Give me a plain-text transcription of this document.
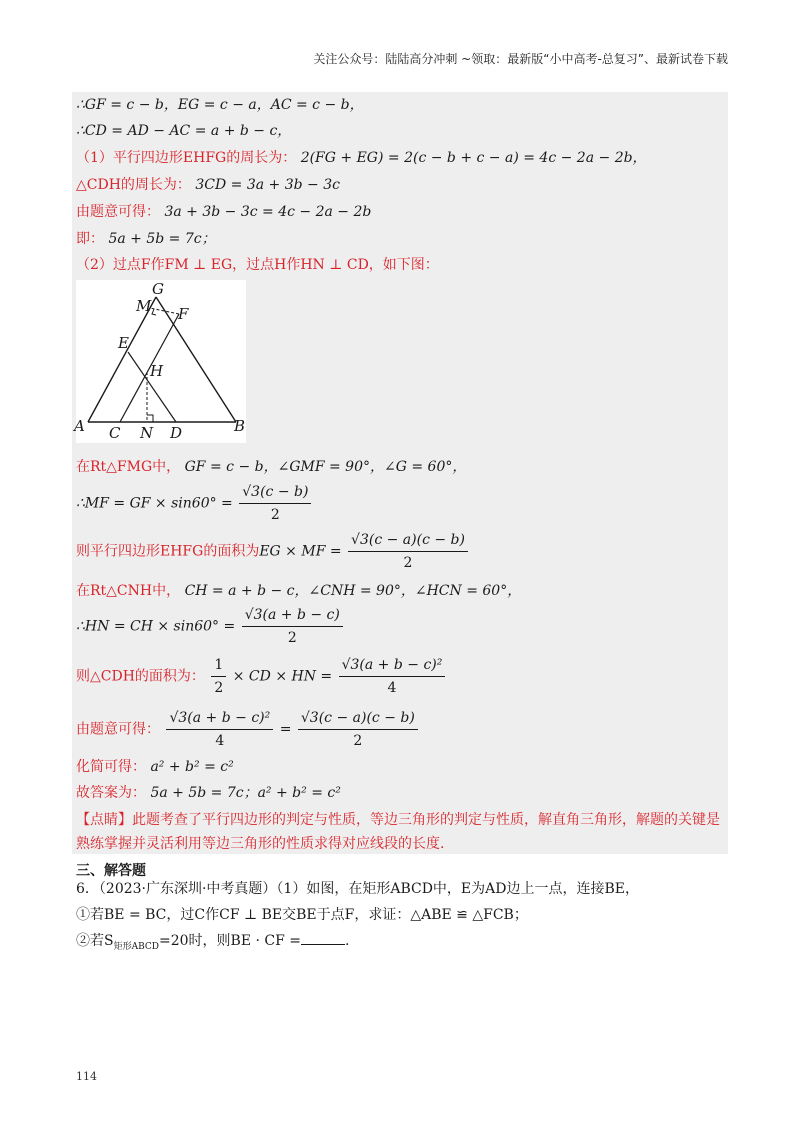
关注公众号：陆陆高分冲刺 ~领取：最新版“小中高考-总复习”、最新试卷下载
∴GF = c − b，EG = c − a，AC = c − b，
∴CD = AD − AC = a + b − c，
（1）平行四边形EHFG的周长为： 2(FG + EG) = 2(c − b + c − a) = 4c − 2a − 2b，
△CDH的周长为： 3CD = 3a + 3b − 3c
由题意可得： 3a + 3b − 3c = 4c − 2a − 2b
即： 5a + 5b = 7c；
（2）过点F作FM ⊥ EG，过点H作HN ⊥ CD，如下图：
G
M F
E
H
A C N D	B
在Rt△FMG中， GF = c − b，∠GMF = 90°，∠G = 60°，
∴MF = GF × $\sin 60^\circ = \frac{√3(c - b)}{2}$
则平行四边形EHFG的面积为EG × MF = $\frac{√3(c - a)(c - b)}{2}$
在Rt△CNH中， CH = a + b − c，∠CNH = 90°，∠HCN = 60°，
∴HN = CH × $\sin 60^\circ = \frac{√3(a + b - c)}{2}$
则△CDH的面积为： $\frac{1}{2}$ × CD × HN = $\frac{\text{√3(a + b − c)²}}{4}$
由题意可得： $\frac{\text{√3(a + b − c)²}}{4} = \frac{√3(c - a)(c - b)}{2}$
化简可得： a² + b² = c²
故答案为： 5a + 5b = 7c；a² + b² = c²
【点睛】此题考查了平行四边形的判定与性质，等边三角形的判定与性质，解直角三角形，解题的关键是熟练掌握并灵活利用等边三角形的性质求得对应线段的长度.
三、解答题
6．（2023·广东深圳·中考真题）（1）如图，在矩形ABCD中，E为AD边上一点，连接BE，
①若BE = BC，过C作CF ⊥ BE交BE于点F，求证：△ABE ≌ △FCB；
②若$S_{矩形ABCD}=20$时，则BE · CF =	.
114
